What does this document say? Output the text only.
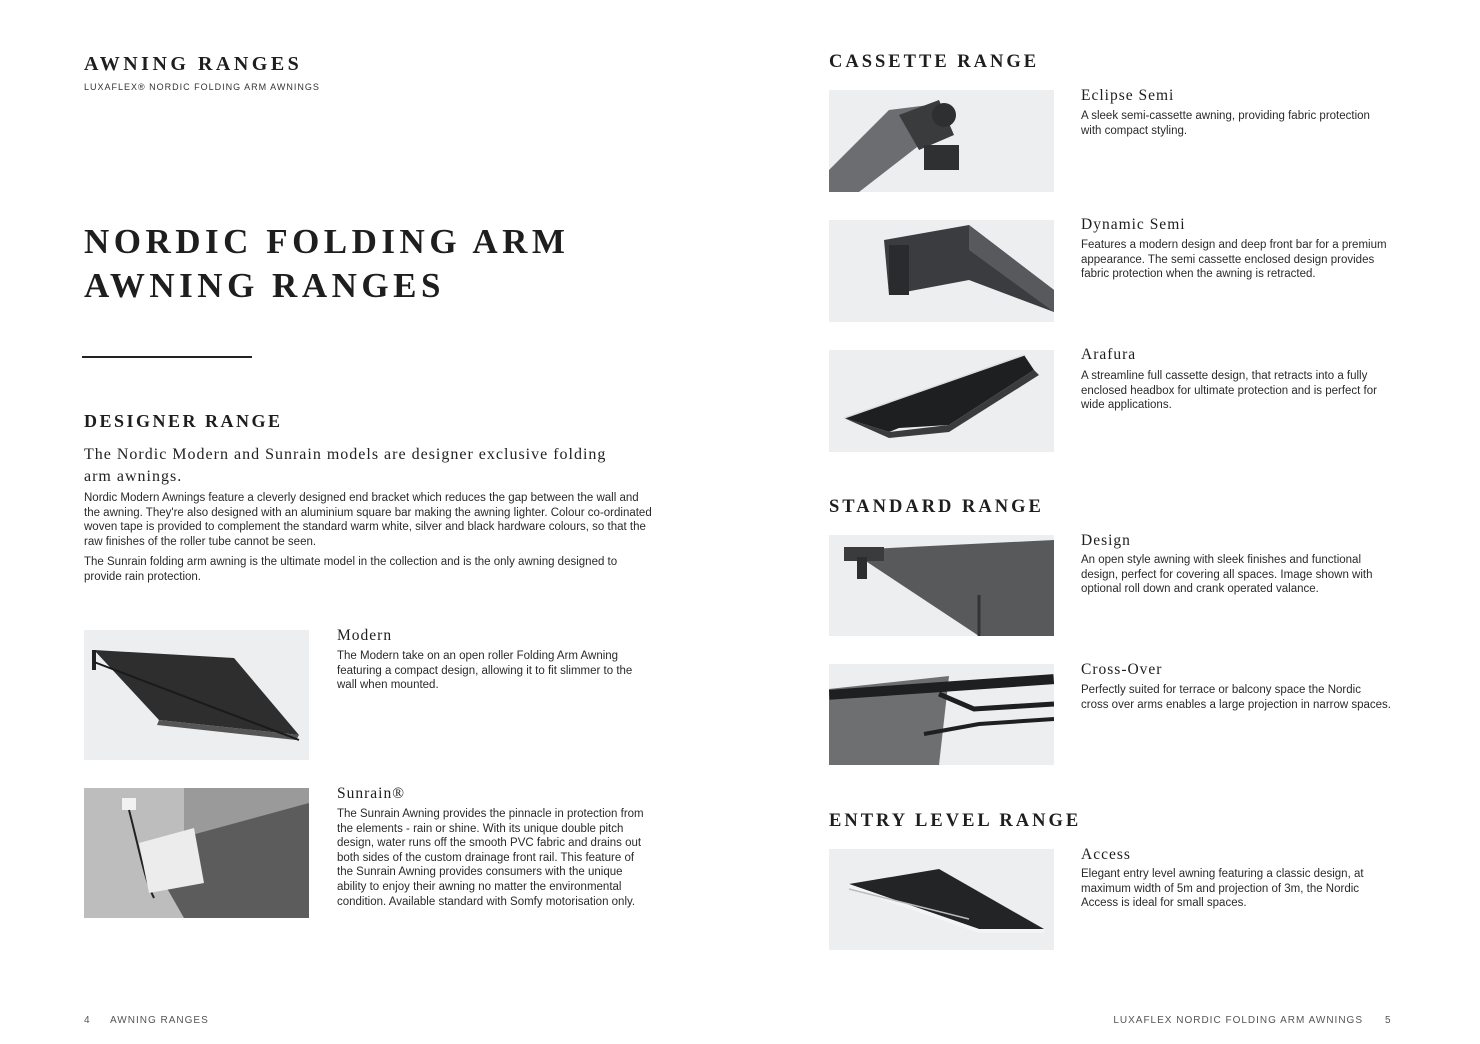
AWNING RANGES
LUXAFLEX® NORDIC FOLDING ARM AWNINGS
NORDIC FOLDING ARM
AWNING RANGES
DESIGNER RANGE
The Nordic Modern and Sunrain models are designer exclusive folding arm awnings.
Nordic Modern Awnings feature a cleverly designed end bracket which reduces the gap between the wall and the awning. They're also designed with an aluminium square bar making the awning lighter. Colour co-ordinated woven tape is provided to complement the standard warm white, silver and black hardware colours, so that the raw finishes of the roller tube cannot be seen.
The Sunrain folding arm awning is the ultimate model in the collection and is the only awning designed to provide rain protection.
Modern
The Modern take on an open roller Folding Arm Awning featuring a compact design, allowing it to fit slimmer to the wall when mounted.
Sunrain®
The Sunrain Awning provides the pinnacle in protection from the elements - rain or shine. With its unique double pitch design, water runs off the smooth PVC fabric and drains out both sides of the custom drainage front rail. This feature of the Sunrain Awning provides consumers with the unique ability to enjoy their awning no matter the environmental condition. Available standard with Somfy motorisation only.
4 AWNING RANGES
CASSETTE RANGE
Eclipse Semi
A sleek semi-cassette awning, providing fabric protection with compact styling.
Dynamic Semi
Features a modern design and deep front bar for a premium appearance. The semi cassette enclosed design provides fabric protection when the awning is retracted.
Arafura
A streamline full cassette design, that retracts into a fully enclosed headbox for ultimate protection and is perfect for wide applications.
STANDARD RANGE
Design
An open style awning with sleek finishes and functional design, perfect for covering all spaces. Image shown with optional roll down and crank operated valance.
Cross-Over
Perfectly suited for terrace or balcony space the Nordic cross over arms enables a large projection in narrow spaces.
ENTRY LEVEL RANGE
Access
Elegant entry level awning featuring a classic design, at maximum width of 5m and projection of 3m, the Nordic Access is ideal for small spaces.
LUXAFLEX NORDIC FOLDING ARM AWNINGS 5
